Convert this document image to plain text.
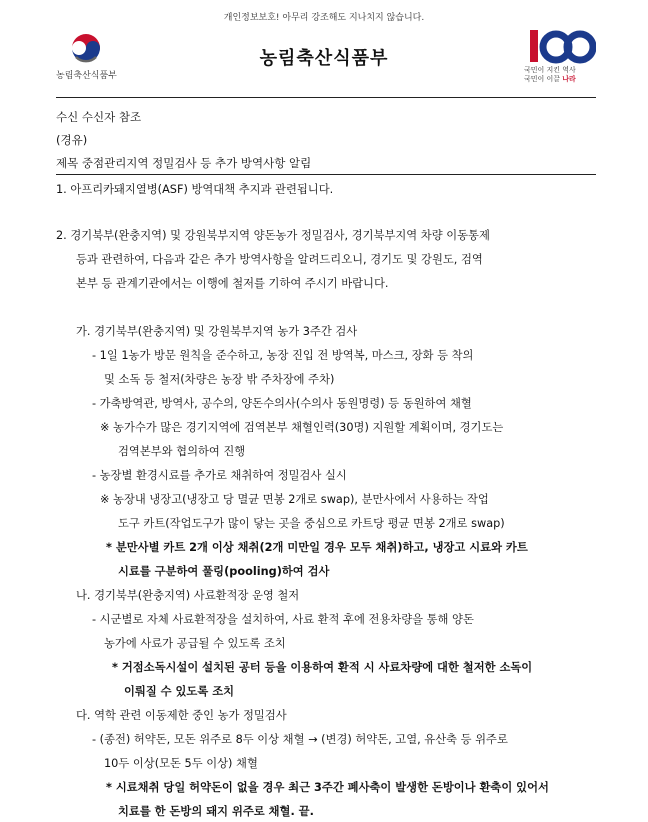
개인정보보호! 아무리 강조해도 지나치지 않습니다.
농림축산식품부
농림축산식품부
국민이 지킨 역사
국민이 이끌 나라
수신 수신자 참조
(경유)
제목 중점관리지역 정밀검사 등 추가 방역사항 알림
1. 아프리카돼지열병(ASF) 방역대책 추지과 관련됩니다.
2. 경기북부(완충지역) 및 강원북부지역 양돈농가 정밀검사, 경기북부지역 차량 이동통제
등과 관련하여, 다음과 같은 추가 방역사항을 알려드리오니, 경기도 및 강원도, 검역
본부 등 관계기관에서는 이행에 철저를 기하여 주시기 바랍니다.
가. 경기북부(완충지역) 및 강원북부지역 농가 3주간 검사
- 1일 1농가 방문 원칙을 준수하고, 농장 진입 전 방역복, 마스크, 장화 등 착의
및 소독 등 철저(차량은 농장 밖 주차장에 주차)
- 가축방역관, 방역사, 공수의, 양돈수의사(수의사 동원명령) 등 동원하여 채혈
※ 농가수가 많은 경기지역에 검역본부 채혈인력(30명) 지원할 계획이며, 경기도는
검역본부와 협의하여 진행
- 농장별 환경시료를 추가로 채취하여 정밀검사 실시
※ 농장내 냉장고(냉장고 당 멸균 면봉 2개로 swap), 분만사에서 사용하는 작업
도구 카트(작업도구가 많이 닿는 곳을 중심으로 카트당 평균 면봉 2개로 swap)
* 분만사별 카트 2개 이상 채취(2개 미만일 경우 모두 채취)하고, 냉장고 시료와 카트
시료를 구분하여 풀링(pooling)하여 검사
나. 경기북부(완충지역) 사료환적장 운영 철저
- 시군별로 자체 사료환적장을 설치하여, 사료 환적 후에 전용차량을 통해 양돈
농가에 사료가 공급될 수 있도록 조치
* 거점소독시설이 설치된 공터 등을 이용하여 환적 시 사료차량에 대한 철저한 소독이
이뤄질 수 있도록 조치
다. 역학 관련 이동제한 중인 농가 정밀검사
- (종전) 허약돈, 모돈 위주로 8두 이상 채혈 → (변경) 허약돈, 고열, 유산축 등 위주로
10두 이상(모돈 5두 이상) 채혈
* 시료채취 당일 허약돈이 없을 경우 최근 3주간 폐사축이 발생한 돈방이나 환축이 있어서
치료를 한 돈방의 돼지 위주로 채혈. 끝.
